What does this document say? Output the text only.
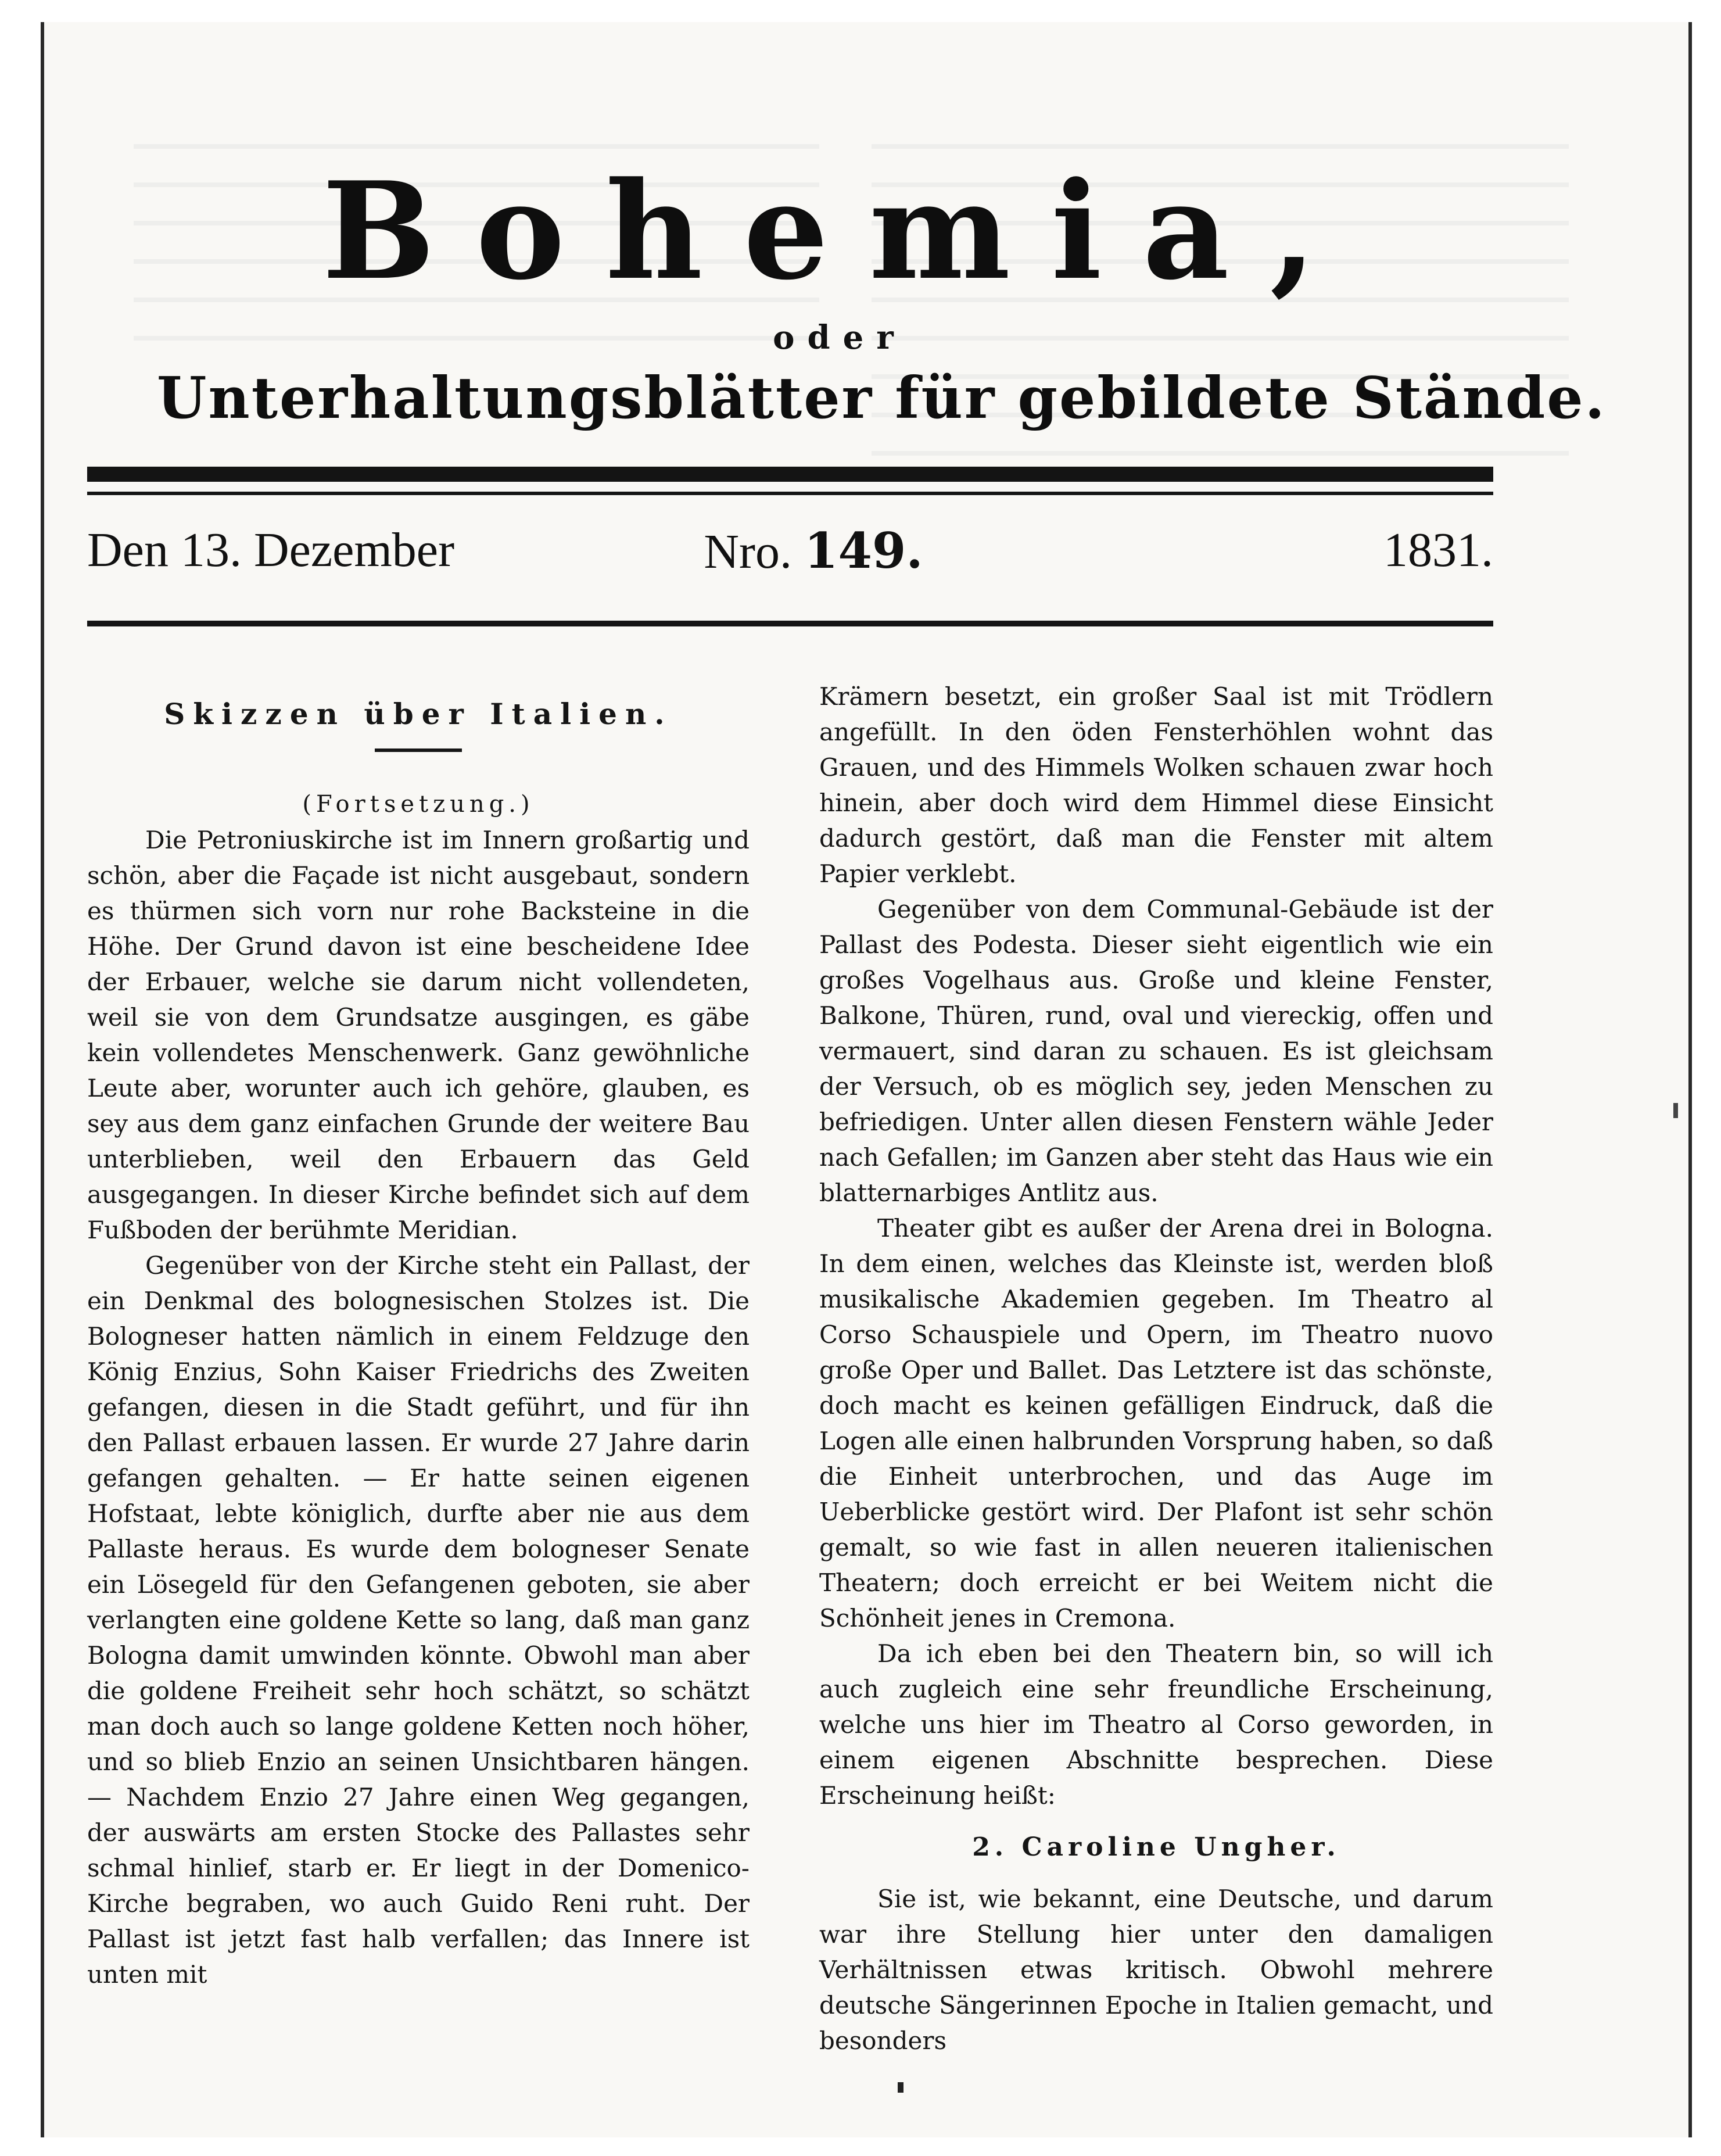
Bohemia,
oder
Unterhaltungsblätter für gebildete Stände.
Den 13. Dezember	Nro. 149.	1831.
Skizzen über Italien.
(Fortsetzung.)

Die Petroniuskirche ist im Innern großartig und schön, aber die Façade ist nicht ausgebaut, sondern es thürmen sich vorn nur rohe Backsteine in die Höhe. Der Grund davon ist eine bescheidene Idee der Erbauer, welche sie darum nicht vollendeten, weil sie von dem Grundsatze ausgingen, es gäbe kein vollendetes Menschenwerk. Ganz gewöhnliche Leute aber, worunter auch ich gehöre, glauben, es sey aus dem ganz einfachen Grunde der weitere Bau unterblieben, weil den Erbauern das Geld ausgegangen. In dieser Kirche befindet sich auf dem Fußboden der berühmte Meridian.

Gegenüber von der Kirche steht ein Pallast, der ein Denkmal des bolognesischen Stolzes ist. Die Bologneser hatten nämlich in einem Feldzuge den König Enzius, Sohn Kaiser Friedrichs des Zweiten gefangen, diesen in die Stadt geführt, und für ihn den Pallast erbauen lassen. Er wurde 27 Jahre darin gefangen gehalten. — Er hatte seinen eigenen Hofstaat, lebte königlich, durfte aber nie aus dem Pallaste heraus. Es wurde dem bologneser Senate ein Lösegeld für den Gefangenen geboten, sie aber verlangten eine goldene Kette so lang, daß man ganz Bologna damit umwinden könnte. Obwohl man aber die goldene Freiheit sehr hoch schätzt, so schätzt man doch auch so lange goldene Ketten noch höher, und so blieb Enzio an seinen Unsichtbaren hängen. — Nachdem Enzio 27 Jahre einen Weg gegangen, der auswärts am ersten Stocke des Pallastes sehr schmal hinlief, starb er. Er liegt in der Domenico-Kirche begraben, wo auch Guido Reni ruht. Der Pallast ist jetzt fast halb verfallen; das Innere ist unten mit

Krämern besetzt, ein großer Saal ist mit Trödlern angefüllt. In den öden Fensterhöhlen wohnt das Grauen, und des Himmels Wolken schauen zwar hoch hinein, aber doch wird dem Himmel diese Einsicht dadurch gestört, daß man die Fenster mit altem Papier verklebt.

Gegenüber von dem Communal-Gebäude ist der Pallast des Podesta. Dieser sieht eigentlich wie ein großes Vogelhaus aus. Große und kleine Fenster, Balkone, Thüren, rund, oval und viereckig, offen und vermauert, sind daran zu schauen. Es ist gleichsam der Versuch, ob es möglich sey, jeden Menschen zu befriedigen. Unter allen diesen Fenstern wähle Jeder nach Gefallen; im Ganzen aber steht das Haus wie ein blatternarbiges Antlitz aus.

Theater gibt es außer der Arena drei in Bologna. In dem einen, welches das Kleinste ist, werden bloß musikalische Akademien gegeben. Im Theatro al Corso Schauspiele und Opern, im Theatro nuovo große Oper und Ballet. Das Letztere ist das schönste, doch macht es keinen gefälligen Eindruck, daß die Logen alle einen halbrunden Vorsprung haben, so daß die Einheit unterbrochen, und das Auge im Ueberblicke gestört wird. Der Plafont ist sehr schön gemalt, so wie fast in allen neueren italienischen Theatern; doch erreicht er bei Weitem nicht die Schönheit jenes in Cremona.

Da ich eben bei den Theatern bin, so will ich auch zugleich eine sehr freundliche Erscheinung, welche uns hier im Theatro al Corso geworden, in einem eigenen Abschnitte besprechen. Diese Erscheinung heißt:

2. Caroline Ungher.

Sie ist, wie bekannt, eine Deutsche, und darum war ihre Stellung hier unter den damaligen Verhältnissen etwas kritisch. Obwohl mehrere deutsche Sängerinnen Epoche in Italien gemacht, und besonders
